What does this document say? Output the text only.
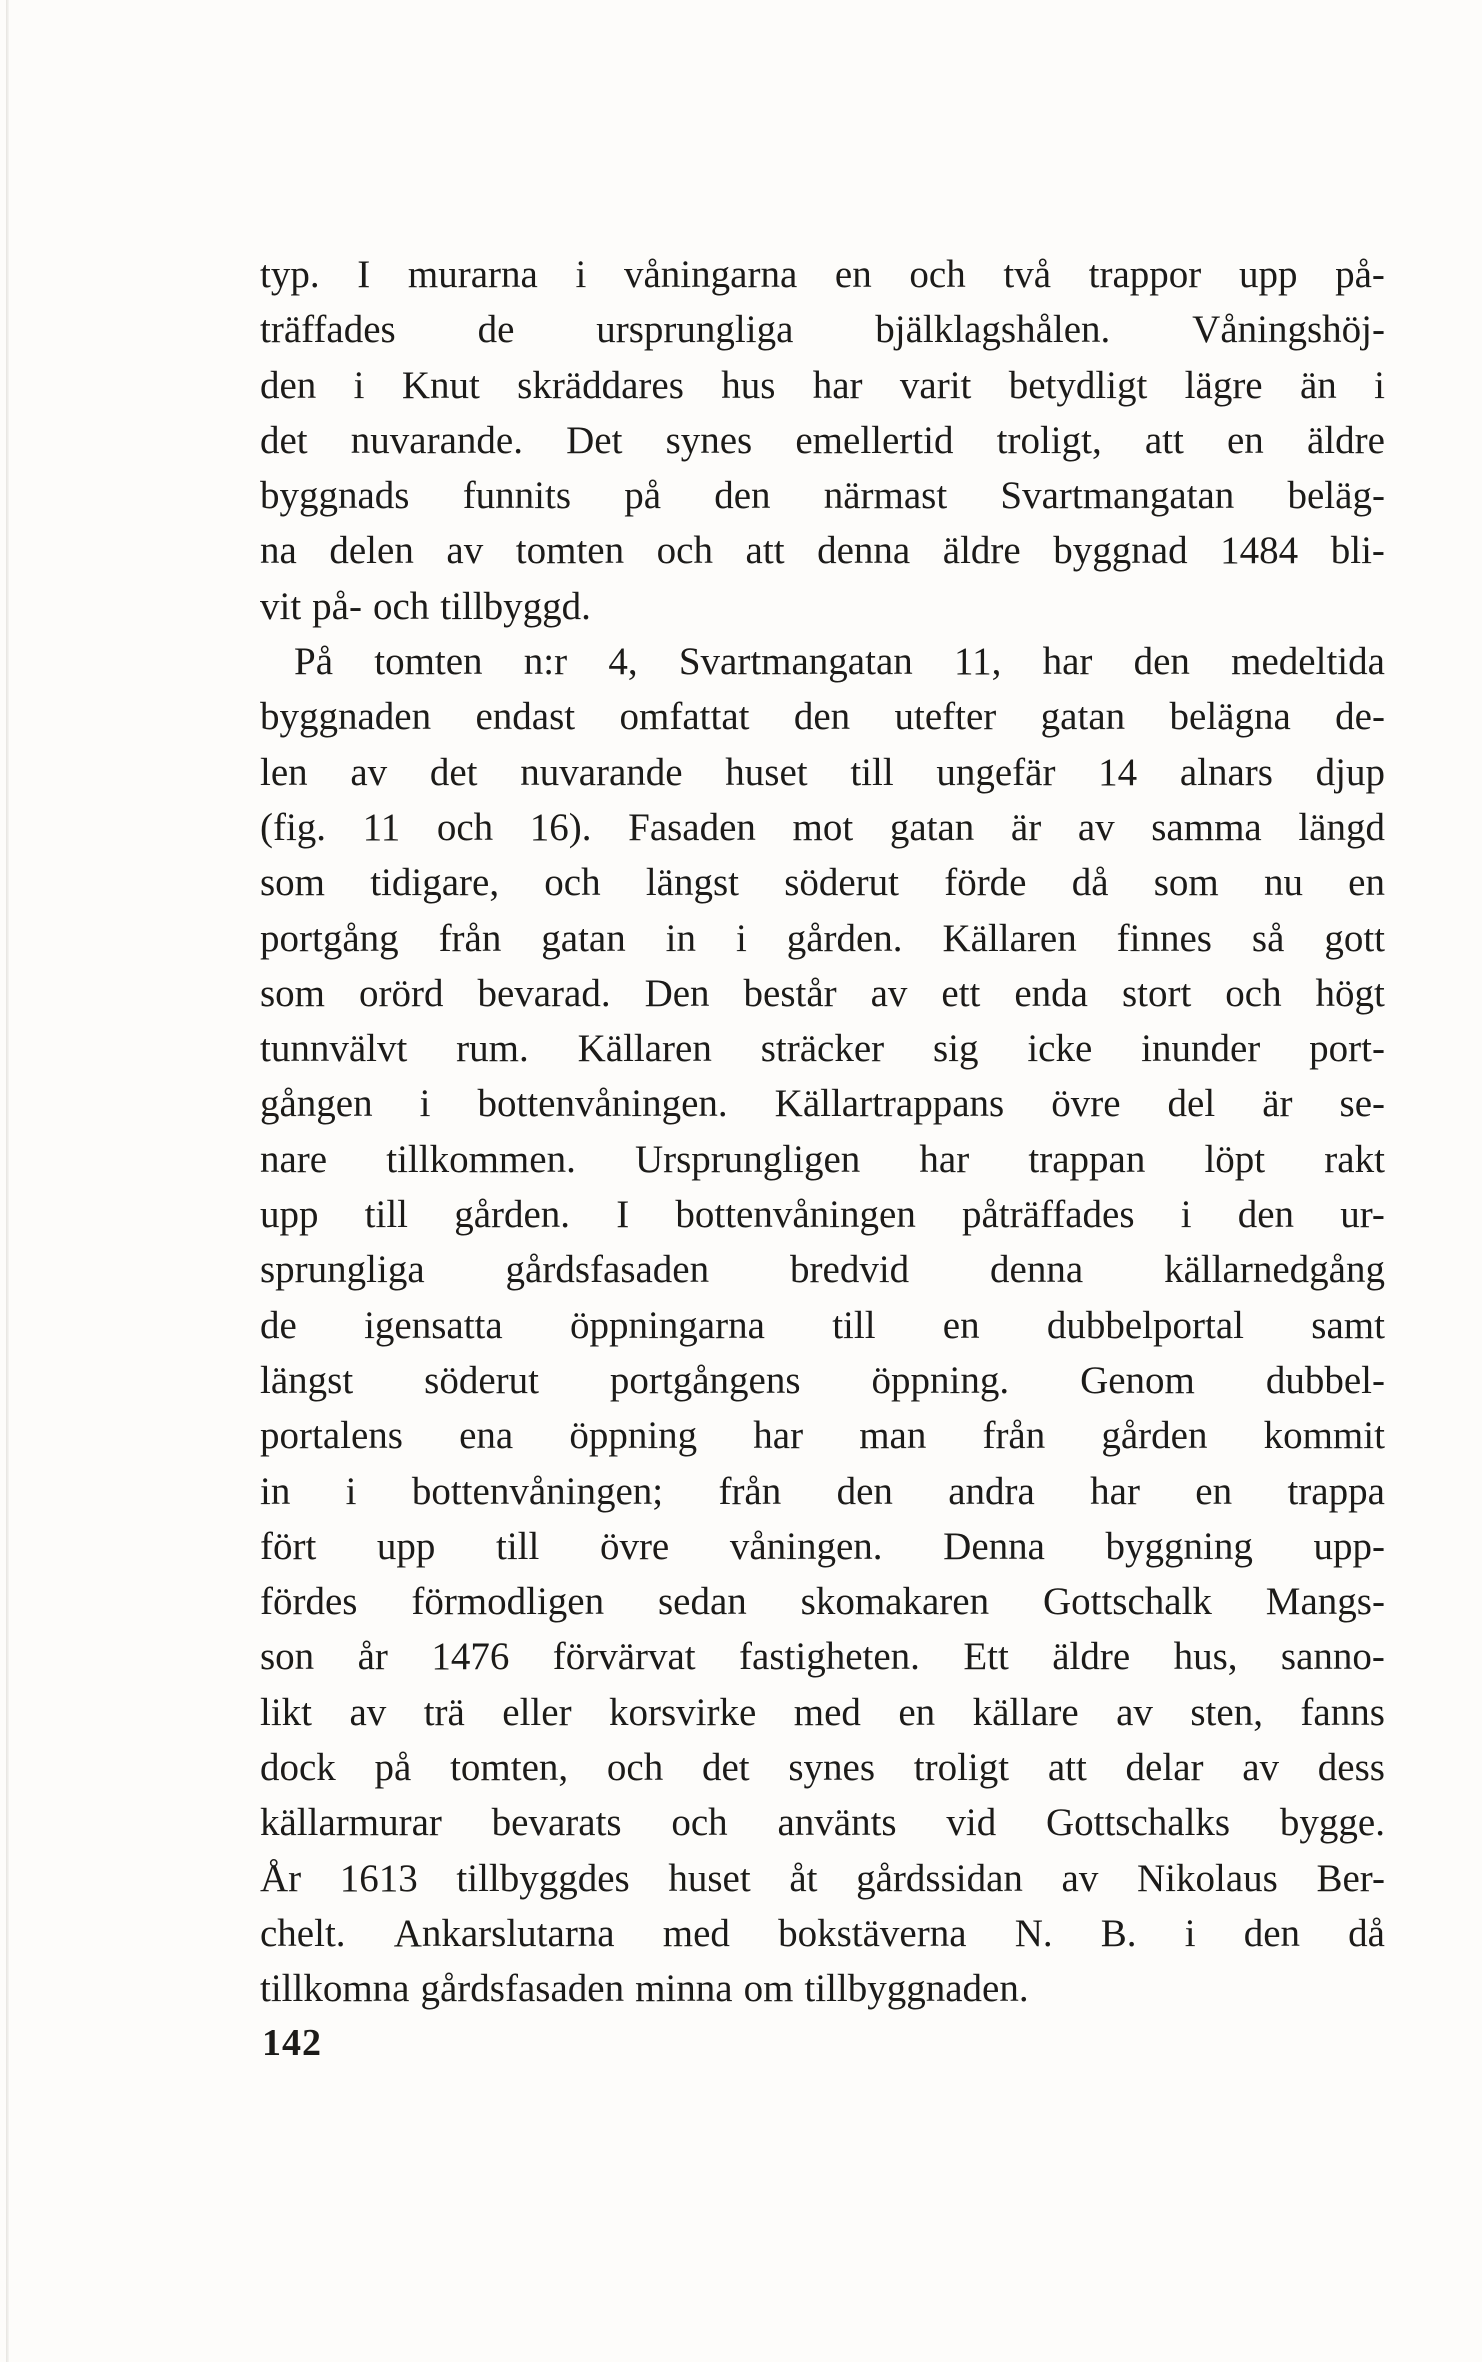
typ. I murarna i våningarna en och två trappor upp på-
träffades de ursprungliga bjälklagshålen. Våningshöj-
den i Knut skräddares hus har varit betydligt lägre än i
det nuvarande. Det synes emellertid troligt, att en äldre
byggnads funnits på den närmast Svartmangatan beläg-
na delen av tomten och att denna äldre byggnad 1484 bli-
vit på- och tillbyggd.
På tomten n:r 4, Svartmangatan 11, har den medeltida
byggnaden endast omfattat den utefter gatan belägna de-
len av det nuvarande huset till ungefär 14 alnars djup
(fig. 11 och 16). Fasaden mot gatan är av samma längd
som tidigare, och längst söderut förde då som nu en
portgång från gatan in i gården. Källaren finnes så gott
som orörd bevarad. Den består av ett enda stort och högt
tunnvälvt rum. Källaren sträcker sig icke inunder port-
gången i bottenvåningen. Källartrappans övre del är se-
nare tillkommen. Ursprungligen har trappan löpt rakt
upp till gården. I bottenvåningen påträffades i den ur-
sprungliga gårdsfasaden bredvid denna källarnedgång
de igensatta öppningarna till en dubbelportal samt
längst söderut portgångens öppning. Genom dubbel-
portalens ena öppning har man från gården kommit
in i bottenvåningen; från den andra har en trappa
fört upp till övre våningen. Denna byggning upp-
fördes förmodligen sedan skomakaren Gottschalk Mangs-
son år 1476 förvärvat fastigheten. Ett äldre hus, sanno-
likt av trä eller korsvirke med en källare av sten, fanns
dock på tomten, och det synes troligt att delar av dess
källarmurar bevarats och använts vid Gottschalks bygge.
År 1613 tillbyggdes huset åt gårdssidan av Nikolaus Ber-
chelt. Ankarslutarna med bokstäverna N. B. i den då
tillkomna gårdsfasaden minna om tillbyggnaden.
142
